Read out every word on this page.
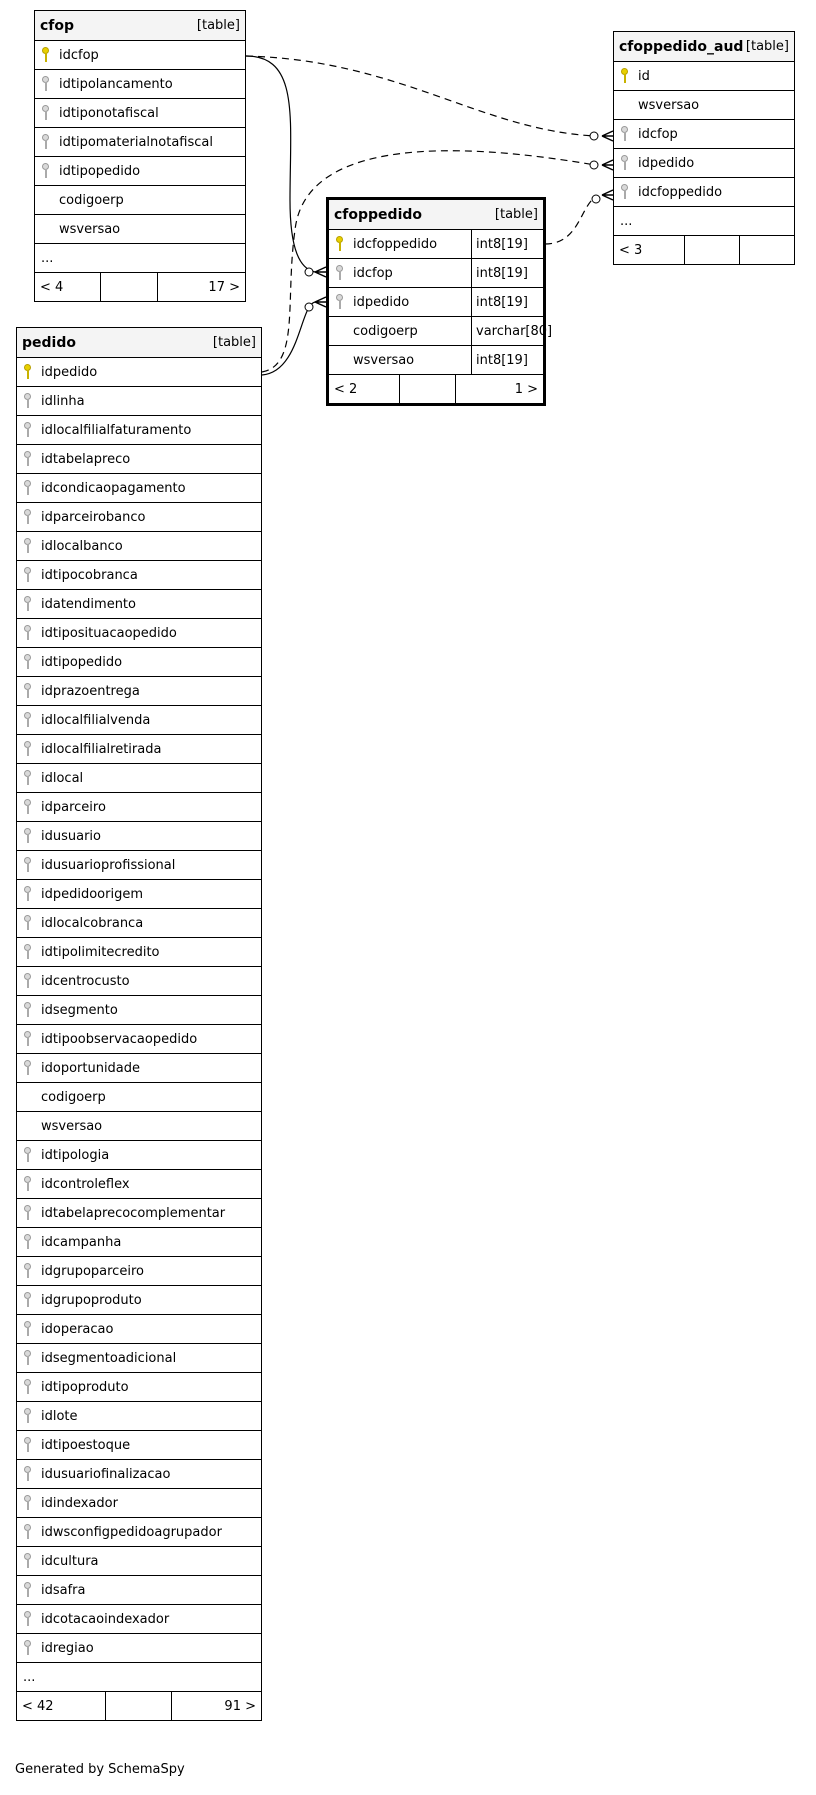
cfop	[table]
idcfop
idtipolancamento
idtiponotafiscal
idtipomaterialnotafiscal
idtipopedido
codigoerp
wsversao
...
< 4	17 >
cfoppedido_aud [table]
id
wsversao
idcfop
idpedido
idcfoppedido
...
< 3
cfoppedido	[table]
idcfoppedido	int8[19]
idcfop	int8[19]
idpedido	int8[19]
codigoerp	varchar[80]
wsversao	int8[19]
< 2	1 >
pedido	[table]
idpedido
idlinha
idlocalfilialfaturamento
idtabelapreco
idcondicaopagamento
idparceirobanco
idlocalbanco
idtipocobranca
idatendimento
idtiposituacaopedido
idtipopedido
idprazoentrega
idlocalfilialvenda
idlocalfilialretirada
idlocal
idparceiro
idusuario
idusuarioprofissional
idpedidoorigem
idlocalcobranca
idtipolimitecredito
idcentrocusto
idsegmento
idtipoobservacaopedido
idoportunidade
codigoerp
wsversao
idtipologia
idcontroleflex
idtabelaprecocomplementar
idcampanha
idgrupoparceiro
idgrupoproduto
idoperacao
idsegmentoadicional
idtipoproduto
idlote
idtipoestoque
idusuariofinalizacao
idindexador
idwsconfigpedidoagrupador
idcultura
idsafra
idcotacaoindexador
idregiao
...
< 42	91 >
Generated by SchemaSpy
